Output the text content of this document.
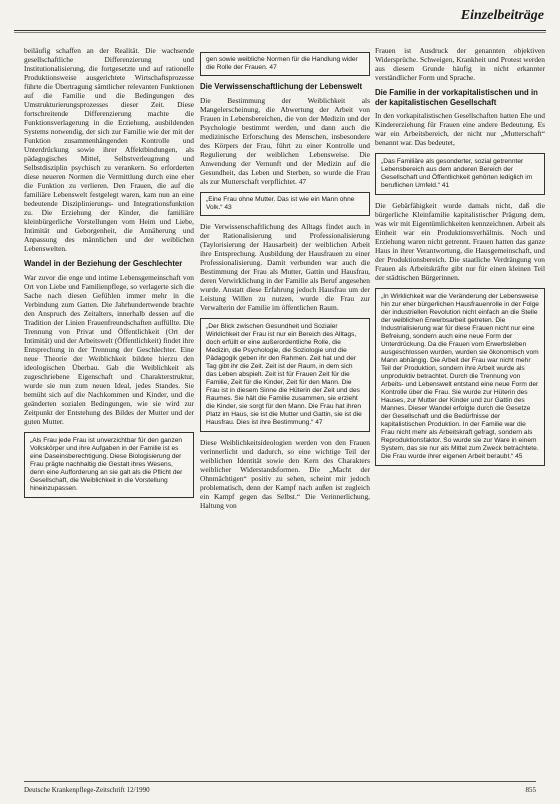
Einzelbeiträge

beiläufig schaffen an der Realität. Die wachsende gesellschaftliche Differenzierung und Institutionalisierung, die fortgesetzte und auf rationelle Produktionsweise ausgerichtete Wirtschaftsprozesse führte die Übertragung sämtlicher relevanten Funktionen auf die Familie und die Bedingungen des Umstrukturierungsprozesses dieser Zeit. Diese fortschreitende Differenzierung machte die Funktionsverlagerung in die Erziehung, ausbildenden Systems notwendig, der sich zur Familie wie der mit der Funktion zusammenhängenden Kontrolle und Unterdrückung sowie ihrer Affektbindungen, als pädagogisches Mittel, Selbstverleugnung und Selbstdisziplin psychisch zu verankern. So erforderten diese neueren Normen die Vermittlung durch eine eher die Funktion zu verlieren. Den Frauen, die auf die familiäre Lebenswelt festgelegt waren, kam nun an eine bedeutende Disziplinierungs- und Integrationsfunktion zu. Die Erziehung der Kinder, die familiäre kleinbürgerliche Vorstellungen vom Heim und Liebe, Intimität und Geborgenheit, die Annäherung und Anpassung des männlichen und der weiblichen Lebenswelten.

Wandel in der Beziehung der Geschlechter

War zuvor die enge und intime Lebensgemeinschaft von Ort von Liebe und Familienpflege, so verlagerte sich die Sache nach diesen Gefühlen immer mehr in die Verbindung zum Gatten. Die Jahrhundertwende brachte den Anspruch des Zeitalters, innerhalb dessen auf die Tradition der Linien Frauenfreundschaften auffüllte. Die Trennung von Privat und Öffentlichkeit (Ort der Intimität) und der Arbeitswelt (Öffentlichkeit) findet ihre Entsprechung in der Trennung der Geschlechter. Eine neue Theorie der Weiblichkeit bildete hierzu den ideologischen Überbau. Gab die Weiblichkeit als zugeschriebene Eigenschaft und Charakterstruktur, wurde sie nun zum neuen Ideal, jedes Standes. Sie bemüht sich auf die Nachkommen und Kinder, und die geänderten sozialen Bedingungen, wie sie wird zur Zeitpunkt der Entstehung des Bildes der Mutter und der guten Mutter.

„Als Frau jede Frau ist unverzichtbar für den ganzen Volkskörper und ihre Aufgaben in der Familie ist es eine Daseinsberechtigung. Diese Biologisierung der Frau prägte nachhaltig die Gestalt ihres Wesens, denn eine Aufforderung an sie galt als die Pflicht der Gesellschaft, die Weiblichkeit in die Vorstellung hineinzupassen.
gen sowie weibliche Normen für die Handlung wider die Rolle der Frauen. 47
Die Verwissenschaftlichung der Lebenswelt

Die Bestimmung der Weiblichkeit als Mangelerscheinung, die Abwertung der Arbeit von Frauen in Lebensbereichen, die von der Medizin und der Psychologie bestimmt werden, und dann auch die medizinische Erforschung des Menschen, insbesondere des Körpers der Frau, führt zu einer Kontrolle und Regulierung der weiblichen Lebensweise. Die Anwendung der Vernunft und der Medizin auf die Gesundheit, das Leben und Sterben, so wurde die Frau als zur Mutterschaft verpflichtet. 47

„Eine Frau ohne Mutter. Das ist wie ein Mann ohne Volk.“ 43

Die Verwissenschaftlichung des Alltags findet auch in der Rationalisierung und Professionalisierung (Taylorisierung der Hausarbeit) der weiblichen Arbeit ihre Entsprechung. Ausbildung der Hausfrauen zu einer Professionalisierung. Damit verbunden war auch die Bestimmung der Frau als Mutter, Gattin und Hausfrau, deren Verwirklichung in der Familie als Beruf angesehen wurde. Anstatt diese Erfahrung jedoch Hausfrau um der Leistung Willen zu nutzen, wurde die Frau zur Verwalterin der Familie im öffentlichen Raum.

„Der Blick zwischen Gesundheit und Sozialer Wirklichkeit der Frau ist nur ein Bereich des Alltags, doch erfüllt er eine außerordentliche Rolle, die Medizin, die Psychologie, die Soziologie und die Pädagogik geben ihr den Rahmen. Zeit hat und der Tag gibt ihr die Zeit. Zeit ist der Raum, in dem sich das Leben abspielt. Zeit ist für Frauen Zeit für die Familie, Zeit für die Kinder, Zeit für den Mann. Die Frau ist in diesem Sinne die Hüterin der Zeit und des Raumes. Sie hält die Familie zusammen, sie erzieht die Kinder, sie sorgt für den Mann. Die Frau hat ihren Platz im Haus, sie ist die Mutter und Gattin, sie ist die Hausfrau. Dies ist ihre Bestimmung.“ 47

Diese Weiblichkeitsideologien werden von den Frauen verinnerlicht und dadurch, so eine wichtige Teil der weiblichen Identität sowie den Kern des Charakters weiblicher Widerstandsformen. Die „Macht der Ohnmächtigen“ positiv zu sehen, scheint mir jedoch problematisch, denn der Kampf nach außen ist zugleich ein Kampf gegen das Selbst.“ Die Verinnerlichung, Haltung von

Frauen ist Ausdruck der genannten objektiven Widersprüche. Schweigen, Krankheit und Protest werden aus diesem Grunde häufig in nicht erkannter verständlicher Form und Sprache.

Die Familie in der vorkapitalistischen und in der kapitalistischen Gesellschaft

In den vorkapitalistischen Gesellschaften hatten Ehe und Kindererziehung für Frauen eine andere Bedeutung. Es war ein Arbeitsbereich, der nicht nur „Mutterschaft“ benannt war. Das bedeutet,

„Das Familiäre als gesonderter, sozial getrennter Lebensbereich aus dem anderen Bereich der Gesellschaft und Öffentlichkeit gehörten lediglich im beruflichen Umfeld.“ 41

Die Gebärfähigkeit wurde damals nicht, daß die bürgerliche Kleinfamilie kapitalistischer Prägung dem, was wir mit Eigentümlichkeiten kennzeichnen. Arbeit als Einheit war ein Produktionsverhältnis. Noch und Erziehung waren nicht getrennt. Frauen hatten das ganze Haus in ihrer Verantwortung, die Hausgemeinschaft, und der Produktionsbereich. Die staatliche Verdrängung von Frauen als Arbeitskräfte gibt nur für einen kleinen Teil der städtischen Bürgerinnen.

„In Wirklichkeit war die Veränderung der Lebensweise hin zur eher bürgerlichen Hausfrauenrolle in der Folge der industriellen Revolution nicht einfach an die Stelle der weiblichen Erwerbsarbeit getreten. Die Industrialisierung war für diese Frauen nicht nur eine Befreiung, sondern auch eine neue Form der Unterdrückung. Da die Frauen vom Erwerbsleben ausgeschlossen wurden, wurden sie ökonomisch vom Mann abhängig. Die Arbeit der Frau war nicht mehr Teil der Produktion, sondern ihre Arbeit wurde als unproduktiv betrachtet. Durch die Trennung von Arbeits- und Lebenswelt entstand eine neue Form der Kontrolle über die Frau. Sie wurde zur Hüterin des Hauses, zur Mutter der Kinder und zur Gattin des Mannes. Dieser Wandel erfolgte durch die Gesetze der Gesellschaft und die Bedürfnisse der kapitalistischen Produktion. In der Familie war die Frau nicht mehr als Arbeitskraft gefragt, sondern als Reproduktionsfaktor. So wurde sie zur Ware in einem System, das sie nur als Mittel zum Zweck betrachtete. Die Frau wurde ihrer eigenen Arbeit beraubt.“ 45
Deutsche Krankenpflege-Zeitschrift 12/1990	855
